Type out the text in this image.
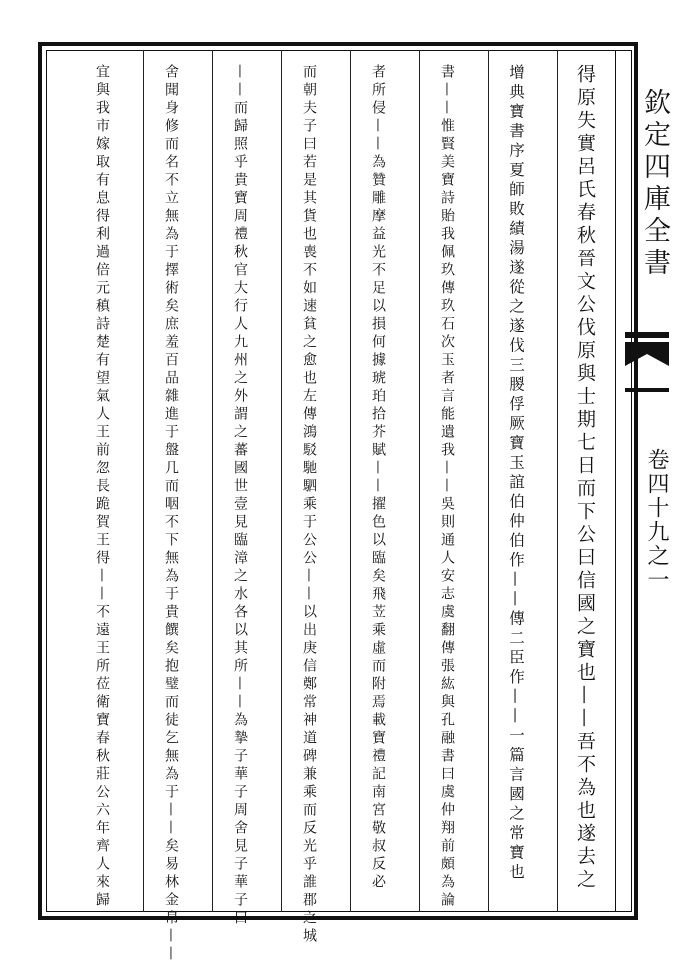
欽定四庫全書
卷四十九之一
得原失實呂氏春秋晉文公伐原與士期七日而下公曰信國之寶也——吾不為也遂去之
增典寶書序夏師敗績湯遂從之遂伐三朡俘厥寶玉誼伯仲伯作——傳二臣作——一篇言國之常寶也
書——惟賢美寶詩貽我佩玖傳玖石次玉者言能遺我——吳則通人安志虞翻傳張紘與孔融書曰虞仲翔前頗為論
者所侵——為贊雕摩益光不足以損何據琥珀拾芥賦——擢色以臨矣飛苙乘虛而附焉載寶禮記南宮敬叔反必
而朝夫子曰若是其貨也喪不如速貧之愈也左傳鴻駁馳駟乘于公公——以出庚信鄭常神道碑兼乘而反光乎誰郡之城
——而歸照乎貴寶周禮秋官大行人九州之外謂之蕃國世壹見臨漳之水各以其所——為摯子華子周舍見子華子曰
舍聞身修而名不立無為于擇術矣庶羞百品雜進于盤几而咽不下無為于貴饌矣抱璧而徒乞無為于——矣易林金帛——
宜與我市嫁取有息得利過倍元稹詩楚有望氣人王前忽長跪賀王得——不遠王所莅衛寶春秋莊公六年齊人來歸
